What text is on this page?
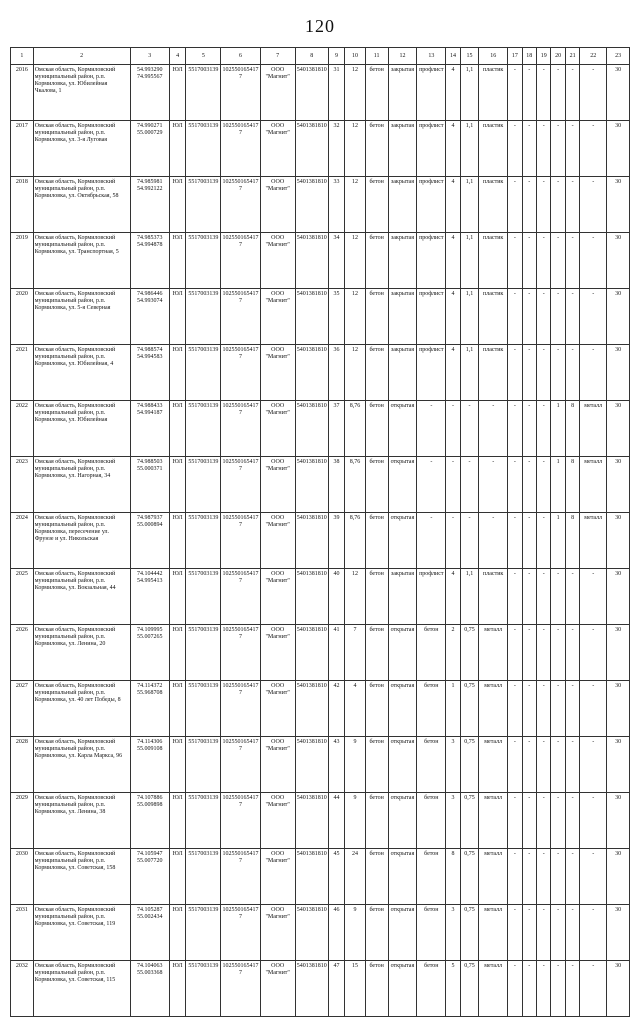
120
1	2	3	4	5	6	7	8	9	10	11	12	13	14	15	16	17	18	19	20	21	22	23
2016	Омская область, Кормиловский муниципальный район, р.п. Кормиловка, ул. Юбилейная Чкалова, 1	54.993290 74.995567	ЮЛ	5517003139	1025501654177	ООО "Магнит"	5401381810	31	12	бетон	закрытая	профлист	4	1,1	пластик	-	-	-	-	-	-	30
2017	Омская область, Кормиловский муниципальный район, р.п. Кормиловка, ул. 3-я Луговая	74.990271 55.000729	ЮЛ	5517003139	1025501654177	ООО "Магнит"	5401381810	32	12	бетон	закрытая	профлист	4	1,1	пластик	-	-	-	-	-	-	30
2018	Омская область, Кормиловский муниципальный район, р.п. Кормиловка, ул. Октябрьская, 58	74.985981 54.992122	ЮЛ	5517003139	1025501654177	ООО "Магнит"	5401381810	33	12	бетон	закрытая	профлист	4	1,1	пластик	-	-	-	-	-	-	30
2019	Омская область, Кормиловский муниципальный район, р.п. Кормиловка, ул. Транспортная, 5	74.985373 54.994878	ЮЛ	5517003139	1025501654177	ООО "Магнит"	5401381810	34	12	бетон	закрытая	профлист	4	1,1	пластик	-	-	-	-	-	-	30
2020	Омская область, Кормиловский муниципальный район, р.п. Кормиловка, ул. 5-я Северная	74.986446 54.993074	ЮЛ	5517003139	1025501654177	ООО "Магнит"	5401381810	35	12	бетон	закрытая	профлист	4	1,1	пластик	-	-	-	-	-	-	30
2021	Омская область, Кормиловский муниципальный район, р.п. Кормиловка, ул. Юбилейная, 4	74.988574 54.994583	ЮЛ	5517003139	1025501654177	ООО "Магнит"	5401381810	36	12	бетон	закрытая	профлист	4	1,1	пластик	-	-	-	-	-	-	30
2022	Омская область, Кормиловский муниципальный район, р.п. Кормиловка, ул. Юбилейная	74.988433 54.994187	ЮЛ	5517003139	1025501654177	ООО "Магнит"	5401381810	37	8,76	бетон	открытая	-	-	-	-	-	-	-	1	8	металл	30
2023	Омская область, Кормиловский муниципальный район, р.п. Кормиловка, ул. Нагорная, 34	74.988503 55.000371	ЮЛ	5517003139	1025501654177	ООО "Магнит"	5401381810	38	8,76	бетон	открытая	-	-	-	-	-	-	-	1	8	металл	30
2024	Омская область, Кормиловский муниципальный район, р.п. Кормиловка, пересечение ул. Фрунзе и ул. Никольская	74.987937 55.000894	ЮЛ	5517003139	1025501654177	ООО "Магнит"	5401381810	39	8,76	бетон	открытая	-	-	-	-	-	-	-	1	8	металл	30
2025	Омская область, Кормиловский муниципальный район, р.п. Кормиловка, ул. Вокзальная, 44	74.104442 54.995413	ЮЛ	5517003139	1025501654177	ООО "Магнит"	5401381810	40	12	бетон	закрытая	профлист	4	1,1	пластик	-	-	-	-	-	-	30
2026	Омская область, Кормиловский муниципальный район, р.п. Кормиловка, ул. Ленина, 20	74.109995 55.007265	ЮЛ	5517003139	1025501654177	ООО "Магнит"	5401381810	41	7	бетон	открытая	бетон	2	0,75	металл	-	-	-	-	-	-	30
2027	Омская область, Кормиловский муниципальный район, р.п. Кормиловка, ул. 40 лет Победы, 8	74.114372 55.968708	ЮЛ	5517003139	1025501654177	ООО "Магнит"	5401381810	42	4	бетон	открытая	бетон	1	0,75	металл	-	-	-	-	-	-	30
2028	Омская область, Кормиловский муниципальный район, р.п. Кормиловка, ул. Карла Маркса, 96	74.114306 55.009108	ЮЛ	5517003139	1025501654177	ООО "Магнит"	5401381810	43	9	бетон	открытая	бетон	3	0,75	металл	-	-	-	-	-	-	30
2029	Омская область, Кормиловский муниципальный район, р.п. Кормиловка, ул. Ленина, 38	74.107886 55.009898	ЮЛ	5517003139	1025501654177	ООО "Магнит"	5401381810	44	9	бетон	открытая	бетон	3	0,75	металл	-	-	-	-	-	-	30
2030	Омская область, Кормиловский муниципальный район, р.п. Кормиловка, ул. Советская, 158	74.105947 55.007720	ЮЛ	5517003139	1025501654177	ООО "Магнит"	5401381810	45	24	бетон	открытая	бетон	8	0,75	металл	-	-	-	-	-	-	30
2031	Омская область, Кормиловский муниципальный район, р.п. Кормиловка, ул. Советская, 119	74.105287 55.002434	ЮЛ	5517003139	1025501654177	ООО "Магнит"	5401381810	46	9	бетон	открытая	бетон	3	0,75	металл	-	-	-	-	-	-	30
2032	Омская область, Кормиловский муниципальный район, р.п. Кормиловка, ул. Советская, 115	74.104063 55.003368	ЮЛ	5517003139	1025501654177	ООО "Магнит"	5401381810	47	15	бетон	открытая	бетон	5	0,75	металл	-	-	-	-	-	-	30
